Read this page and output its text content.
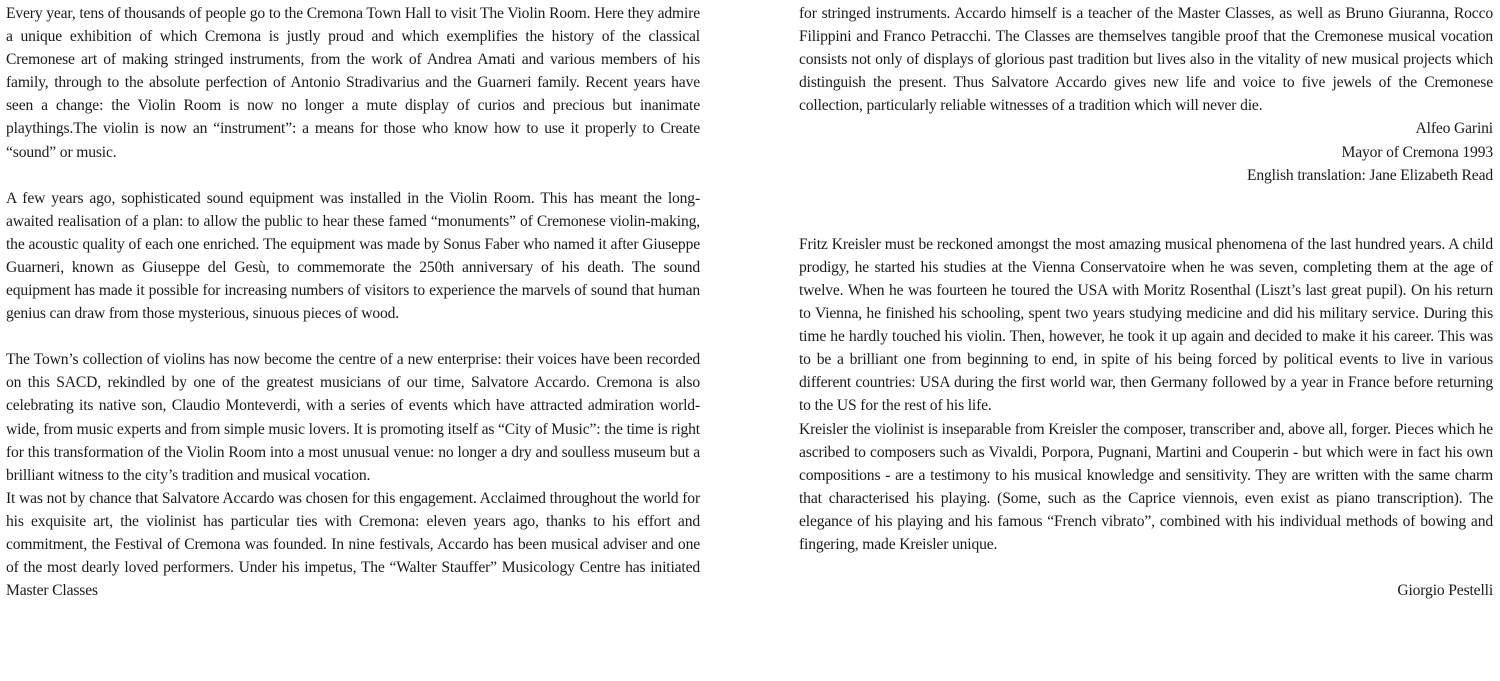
Every year, tens of thousands of people go to the Cremona Town Hall to visit The Violin Room. Here they admire a unique exhibition of which Cremona is justly proud and which exemplifies the history of the classical Cremonese art of making stringed instruments, from the work of Andrea Amati and various members of his family, through to the absolute perfection of Antonio Stradivarius and the Guarneri family. Recent years have seen a change: the Violin Room is now no longer a mute display of curios and precious but inanimate playthings.The violin is now an “instrument”: a means for those who know how to use it properly to Create “sound” or music.

A few years ago, sophisticated sound equipment was installed in the Violin Room. This has meant the long-awaited realisation of a plan: to allow the public to hear these famed “monuments” of Cremonese violin-making, the acoustic quality of each one enriched. The equipment was made by Sonus Faber who named it after Giuseppe Guarneri, known as Giuseppe del Gesù, to commemorate the 250th anniversary of his death. The sound equipment has made it possible for increasing numbers of visitors to experience the marvels of sound that human genius can draw from those mysterious, sinuous pieces of wood.

The Town’s collection of violins has now become the centre of a new enterprise: their voices have been recorded on this SACD, rekindled by one of the greatest musicians of our time, Salvatore Accardo. Cremona is also celebrating its native son, Claudio Monteverdi, with a series of events which have attracted admiration world-wide, from music experts and from simple music lovers. It is promoting itself as “City of Music”: the time is right for this transformation of the Violin Room into a most unusual venue: no longer a dry and soulless museum but a brilliant witness to the city’s tradition and musical vocation.

It was not by chance that Salvatore Accardo was chosen for this engagement. Acclaimed throughout the world for his exquisite art, the violinist has particular ties with Cremona: eleven years ago, thanks to his effort and commitment, the Festival of Cremona was founded. In nine festivals, Accardo has been musical adviser and one of the most dearly loved performers. Under his impetus, The “Walter Stauffer” Musicology Centre has initiated Master Classes

for stringed instruments. Accardo himself is a teacher of the Master Classes, as well as Bruno Giuranna, Rocco Filippini and Franco Petracchi. The Classes are themselves tangible proof that the Cremonese musical vocation consists not only of displays of glorious past tradition but lives also in the vitality of new musical projects which distinguish the present. Thus Salvatore Accardo gives new life and voice to five jewels of the Cremonese collection, particularly reliable witnesses of a tradition which will never die.

Alfeo Garini

Mayor of Cremona 1993

English translation: Jane Elizabeth Read

Fritz Kreisler must be reckoned amongst the most amazing musical phenomena of the last hundred years. A child prodigy, he started his studies at the Vienna Conservatoire when he was seven, completing them at the age of twelve. When he was fourteen he toured the USA with Moritz Rosenthal (Liszt’s last great pupil). On his return to Vienna, he finished his schooling, spent two years studying medicine and did his military service. During this time he hardly touched his violin. Then, however, he took it up again and decided to make it his career. This was to be a brilliant one from beginning to end, in spite of his being forced by political events to live in various different countries: USA during the first world war, then Germany followed by a year in France before returning to the US for the rest of his life.

Kreisler the violinist is inseparable from Kreisler the composer, transcriber and, above all, forger. Pieces which he ascribed to composers such as Vivaldi, Porpora, Pugnani, Martini and Couperin - but which were in fact his own compositions - are a testimony to his musical knowledge and sensitivity. They are written with the same charm that characterised his playing. (Some, such as the Caprice viennois, even exist as piano transcription). The elegance of his playing and his famous “French vibrato”, combined with his individual methods of bowing and fingering, made Kreisler unique.

Giorgio Pestelli
